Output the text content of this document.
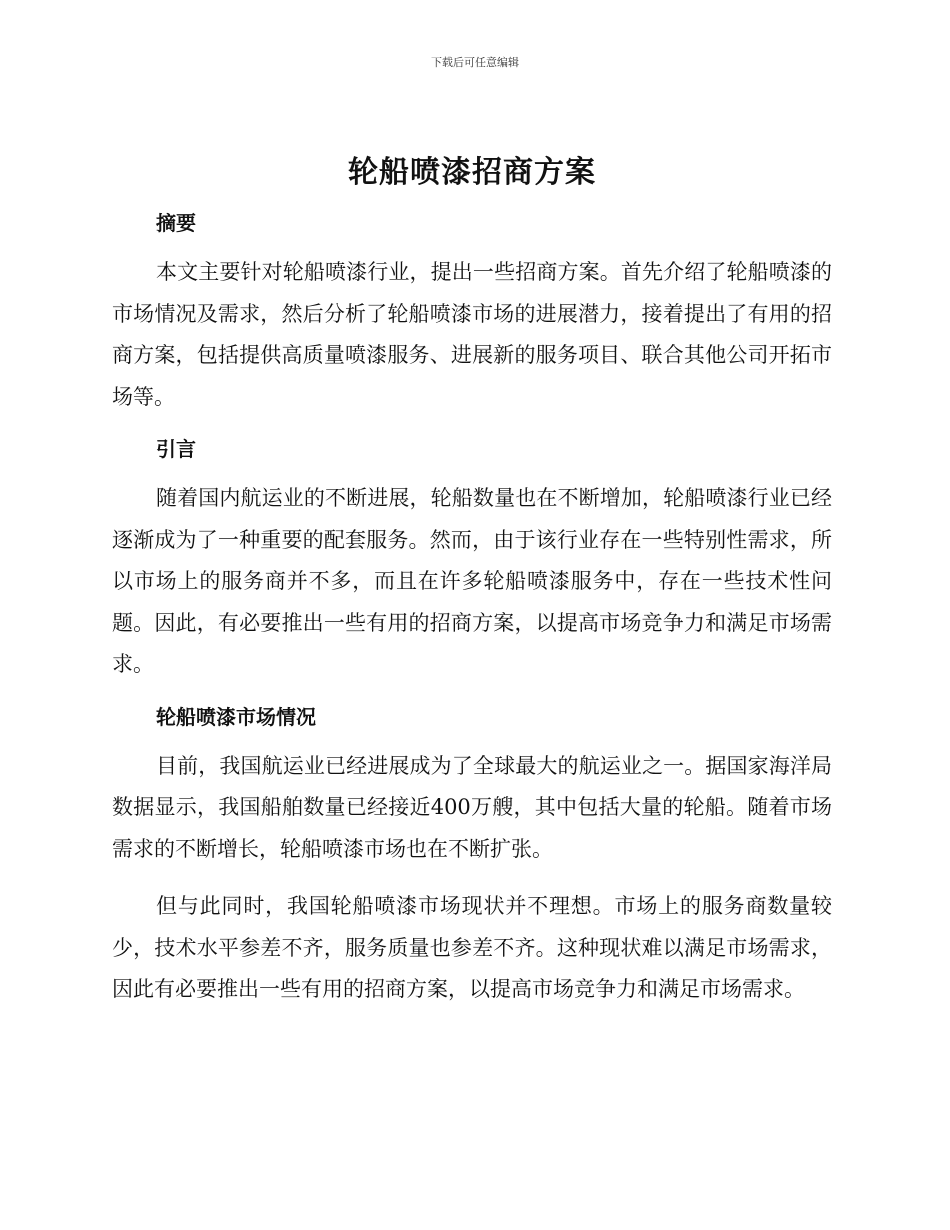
下载后可任意编辑
轮船喷漆招商方案
摘要

本文主要针对轮船喷漆行业，提出一些招商方案。首先介绍了轮船喷漆的市场情况及需求，然后分析了轮船喷漆市场的进展潜力，接着提出了有用的招商方案，包括提供高质量喷漆服务、进展新的服务项目、联合其他公司开拓市场等。

引言

随着国内航运业的不断进展，轮船数量也在不断增加，轮船喷漆行业已经逐渐成为了一种重要的配套服务。然而，由于该行业存在一些特别性需求，所以市场上的服务商并不多，而且在许多轮船喷漆服务中，存在一些技术性问题。因此，有必要推出一些有用的招商方案，以提高市场竞争力和满足市场需求。

轮船喷漆市场情况

目前，我国航运业已经进展成为了全球最大的航运业之一。据国家海洋局数据显示，我国船舶数量已经接近400万艘，其中包括大量的轮船。随着市场需求的不断增长，轮船喷漆市场也在不断扩张。

但与此同时，我国轮船喷漆市场现状并不理想。市场上的服务商数量较少，技术水平参差不齐，服务质量也参差不齐。这种现状难以满足市场需求，因此有必要推出一些有用的招商方案，以提高市场竞争力和满足市场需求。
